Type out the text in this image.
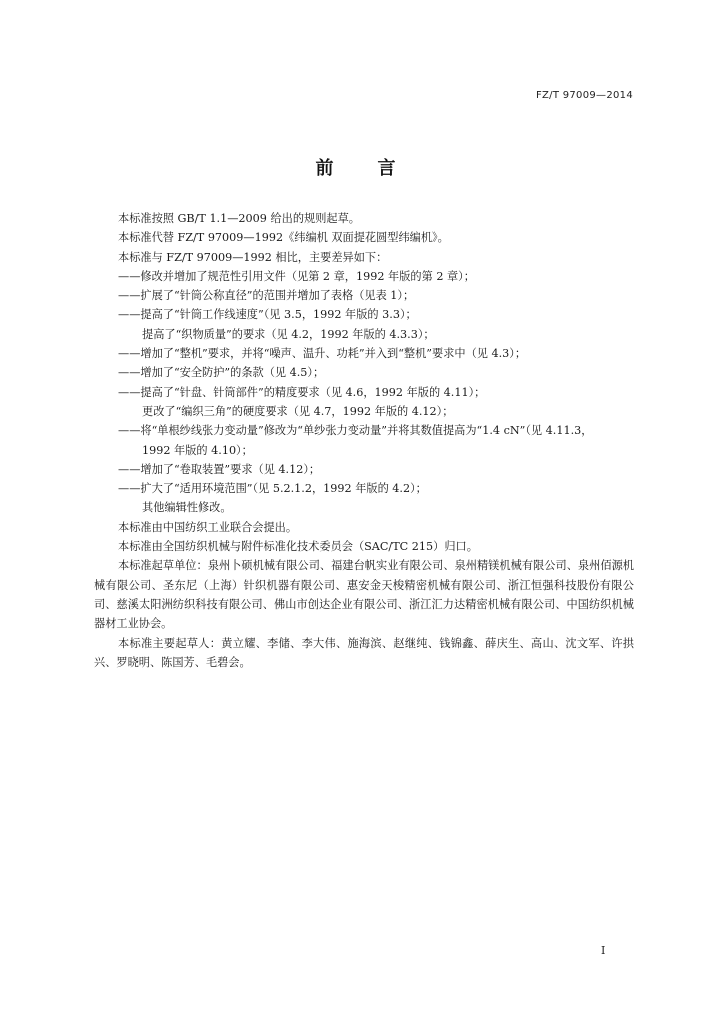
FZ/T 97009—2014
前言
本标准按照 GB/T 1.1—2009 给出的规则起草。
本标准代替 FZ/T 97009—1992《纬编机 双面提花圆型纬编机》。
本标准与 FZ/T 97009—1992 相比，主要差异如下：
——修改并增加了规范性引用文件（见第 2 章，1992 年版的第 2 章）；
——扩展了“针筒公称直径”的范围并增加了表格（见表 1）；
——提高了“针筒工作线速度”（见 3.5，1992 年版的 3.3）；
提高了“织物质量”的要求（见 4.2，1992 年版的 4.3.3）；
——增加了“整机”要求，并将“噪声、温升、功耗”并入到“整机”要求中（见 4.3）；
——增加了“安全防护”的条款（见 4.5）；
——提高了“针盘、针筒部件”的精度要求（见 4.6，1992 年版的 4.11）；
更改了“编织三角”的硬度要求（见 4.7，1992 年版的 4.12）；
——将“单根纱线张力变动量”修改为“单纱张力变动量”并将其数值提高为“1.4 cN”（见 4.11.3，
1992 年版的 4.10）；
——增加了“卷取装置”要求（见 4.12）；
——扩大了“适用环境范围”（见 5.2.1.2，1992 年版的 4.2）；
其他编辑性修改。
本标准由中国纺织工业联合会提出。
本标准由全国纺织机械与附件标准化技术委员会（SAC/TC 215）归口。
本标准起草单位：泉州卜硕机械有限公司、福建台帆实业有限公司、泉州精镁机械有限公司、泉州佰源机械有限公司、圣东尼（上海）针织机器有限公司、惠安金天梭精密机械有限公司、浙江恒强科技股份有限公司、慈溪太阳洲纺织科技有限公司、佛山市创达企业有限公司、浙江汇力达精密机械有限公司、中国纺织机械器材工业协会。
本标准主要起草人：黄立耀、李储、李大伟、施海滨、赵继纯、钱锦鑫、薛庆生、高山、沈文军、许拱兴、罗晓明、陈国芳、毛碧会。
I
